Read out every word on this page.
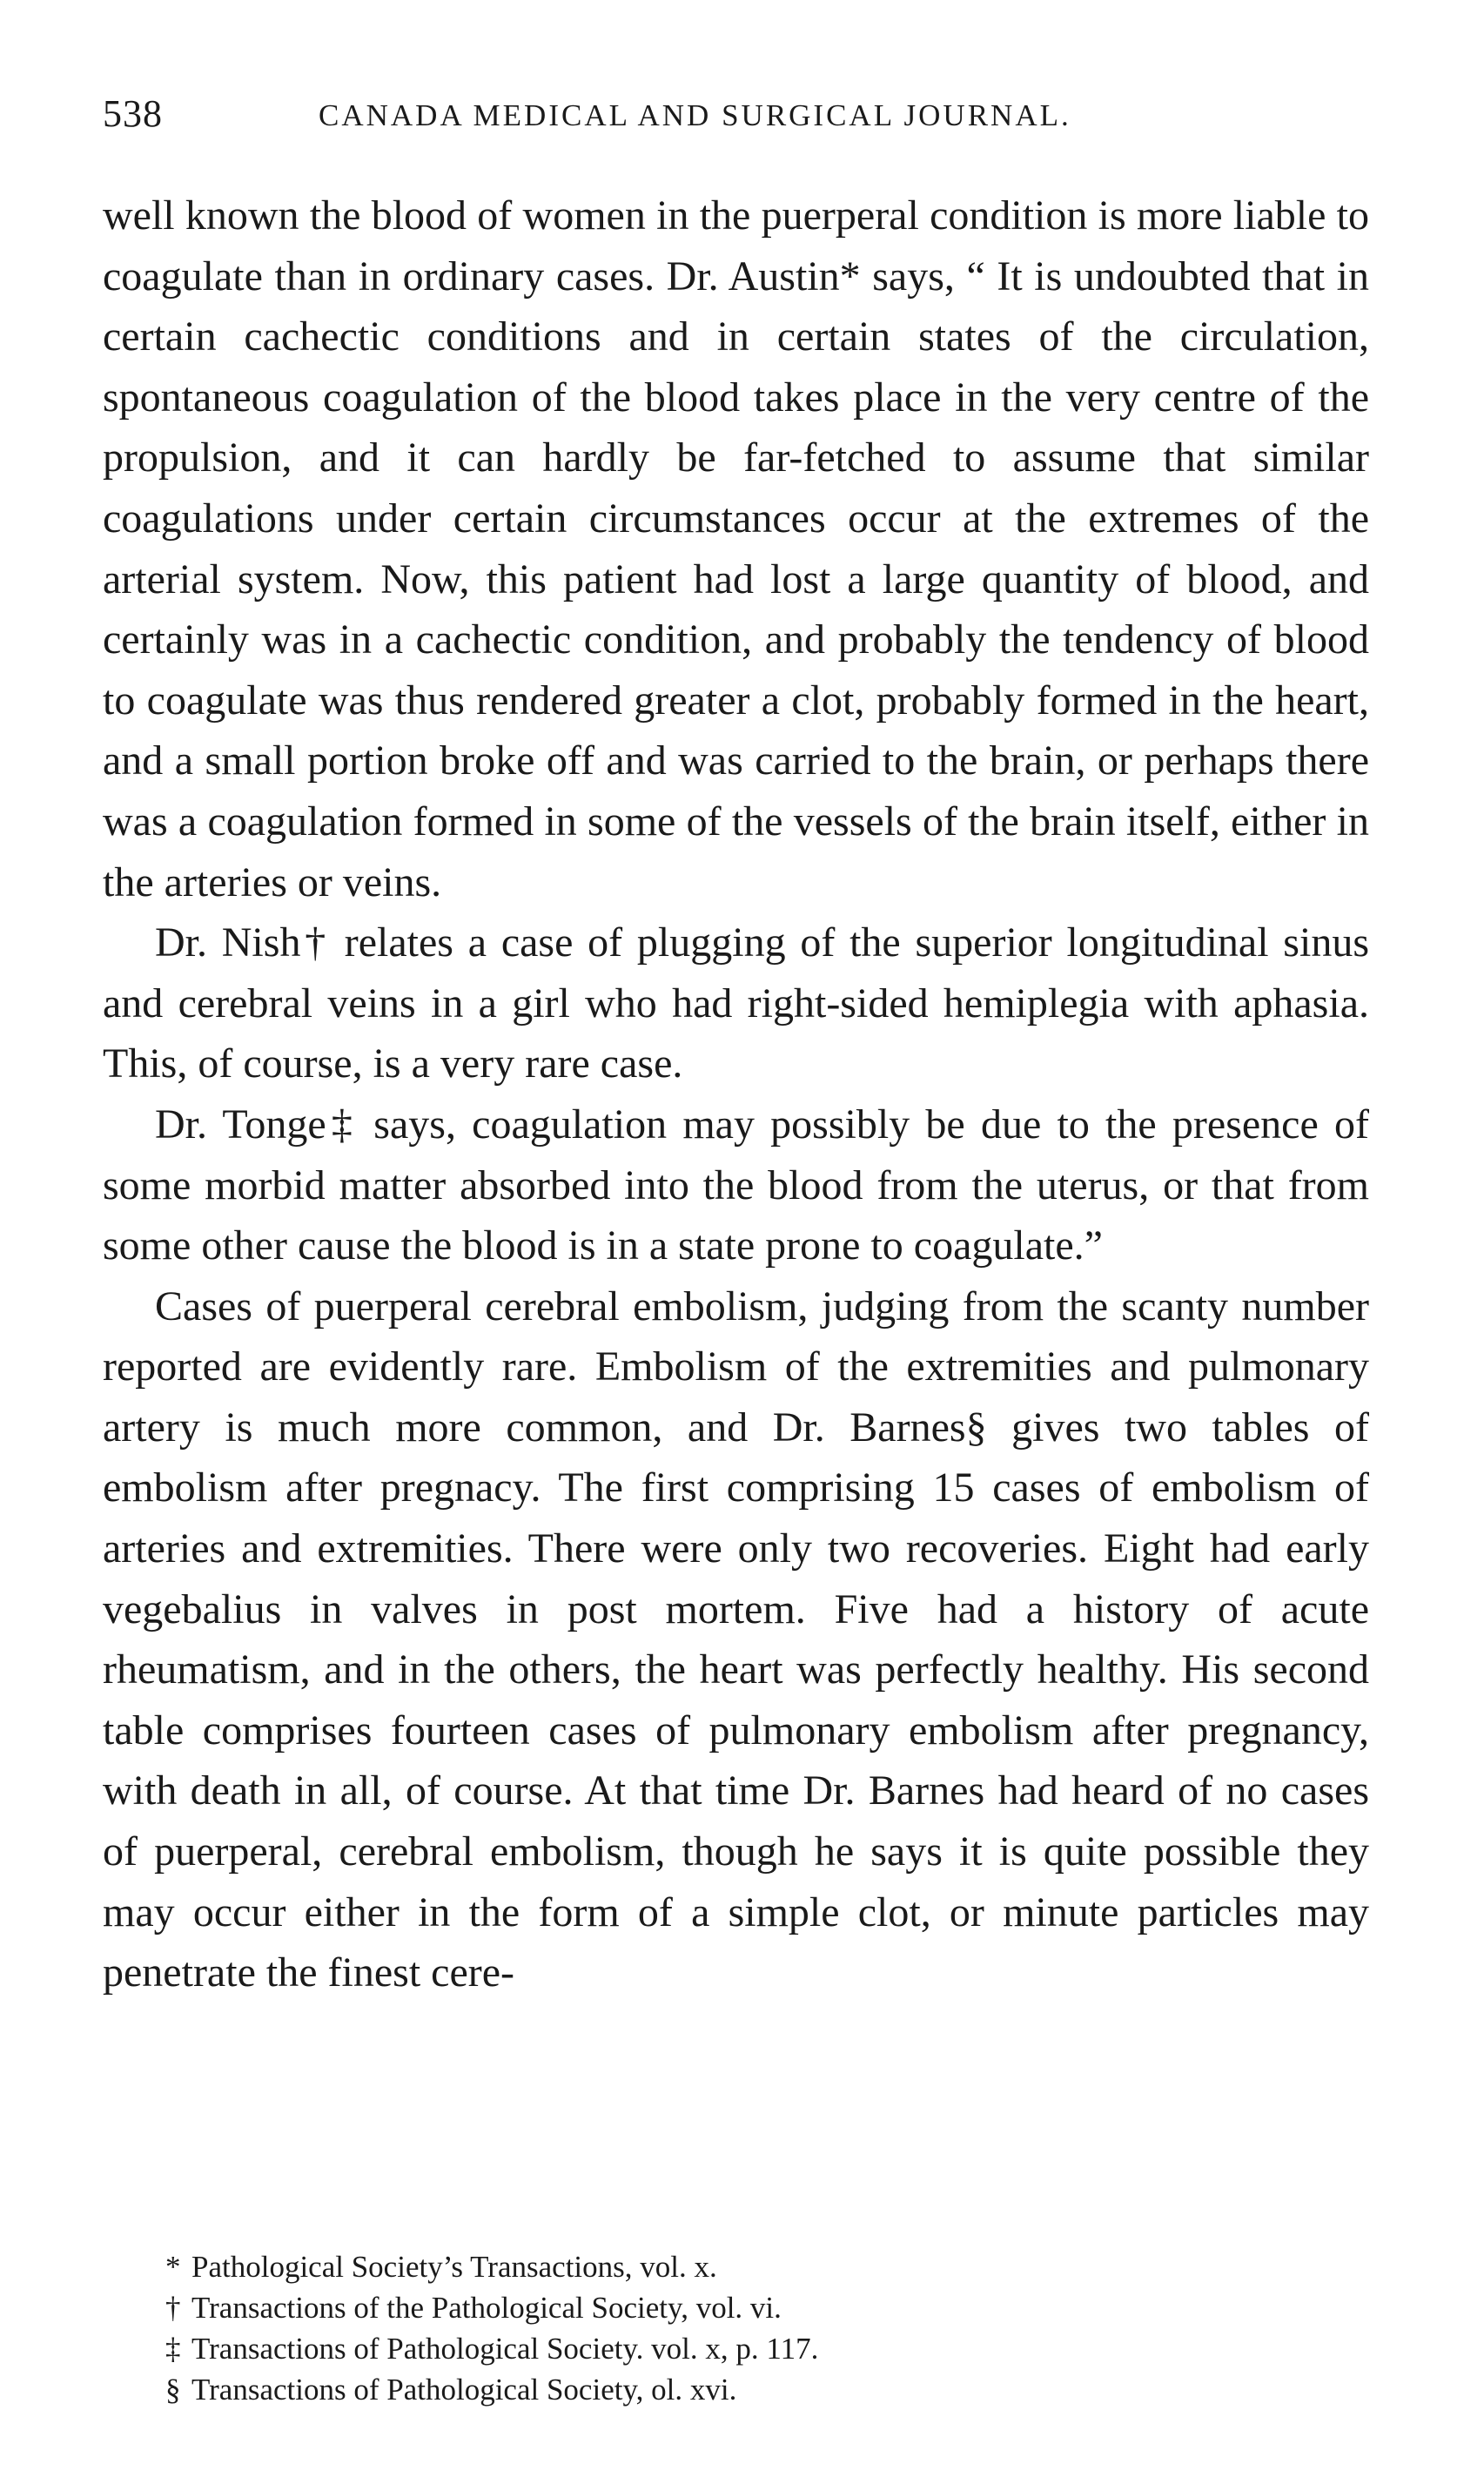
538	CANADA MEDICAL AND SURGICAL JOURNAL.

well known the blood of women in the puerperal condition is more liable to coagulate than in ordinary cases. Dr. Austin* says, “ It is undoubted that in certain cachectic conditions and in certain states of the circulation, spontaneous coagulation of the blood takes place in the very centre of the propulsion, and it can hardly be far-fetched to assume that similar coagulations under certain circumstances occur at the extremes of the arterial system. Now, this patient had lost a large quantity of blood, and certainly was in a cachectic condition, and probably the tendency of blood to coagulate was thus rendered greater a clot, probably formed in the heart, and a small portion broke off and was carried to the brain, or perhaps there was a coagulation formed in some of the vessels of the brain itself, either in the arteries or veins.

Dr. Nish† relates a case of plugging of the superior longitudinal sinus and cerebral veins in a girl who had right-sided hemiplegia with aphasia. This, of course, is a very rare case.

Dr. Tonge‡ says, coagulation may possibly be due to the presence of some morbid matter absorbed into the blood from the uterus, or that from some other cause the blood is in a state prone to coagulate.”

Cases of puerperal cerebral embolism, judging from the scanty number reported are evidently rare. Embolism of the extremities and pulmonary artery is much more common, and Dr. Barnes§ gives two tables of embolism after pregnacy. The first comprising 15 cases of embolism of arteries and extremities. There were only two recoveries. Eight had early vegebalius in valves in post mortem. Five had a history of acute rheumatism, and in the others, the heart was perfectly healthy. His second table comprises fourteen cases of pulmonary embolism after pregnancy, with death in all, of course. At that time Dr. Barnes had heard of no cases of puerperal, cerebral embolism, though he says it is quite possible they may occur either in the form of a simple clot, or minute particles may penetrate the finest cere-

* Pathological Society’s Transactions, vol. x.

† Transactions of the Pathological Society, vol. vi.

‡ Transactions of Pathological Society. vol. x, p. 117.

§ Transactions of Pathological Society, ol. xvi.
